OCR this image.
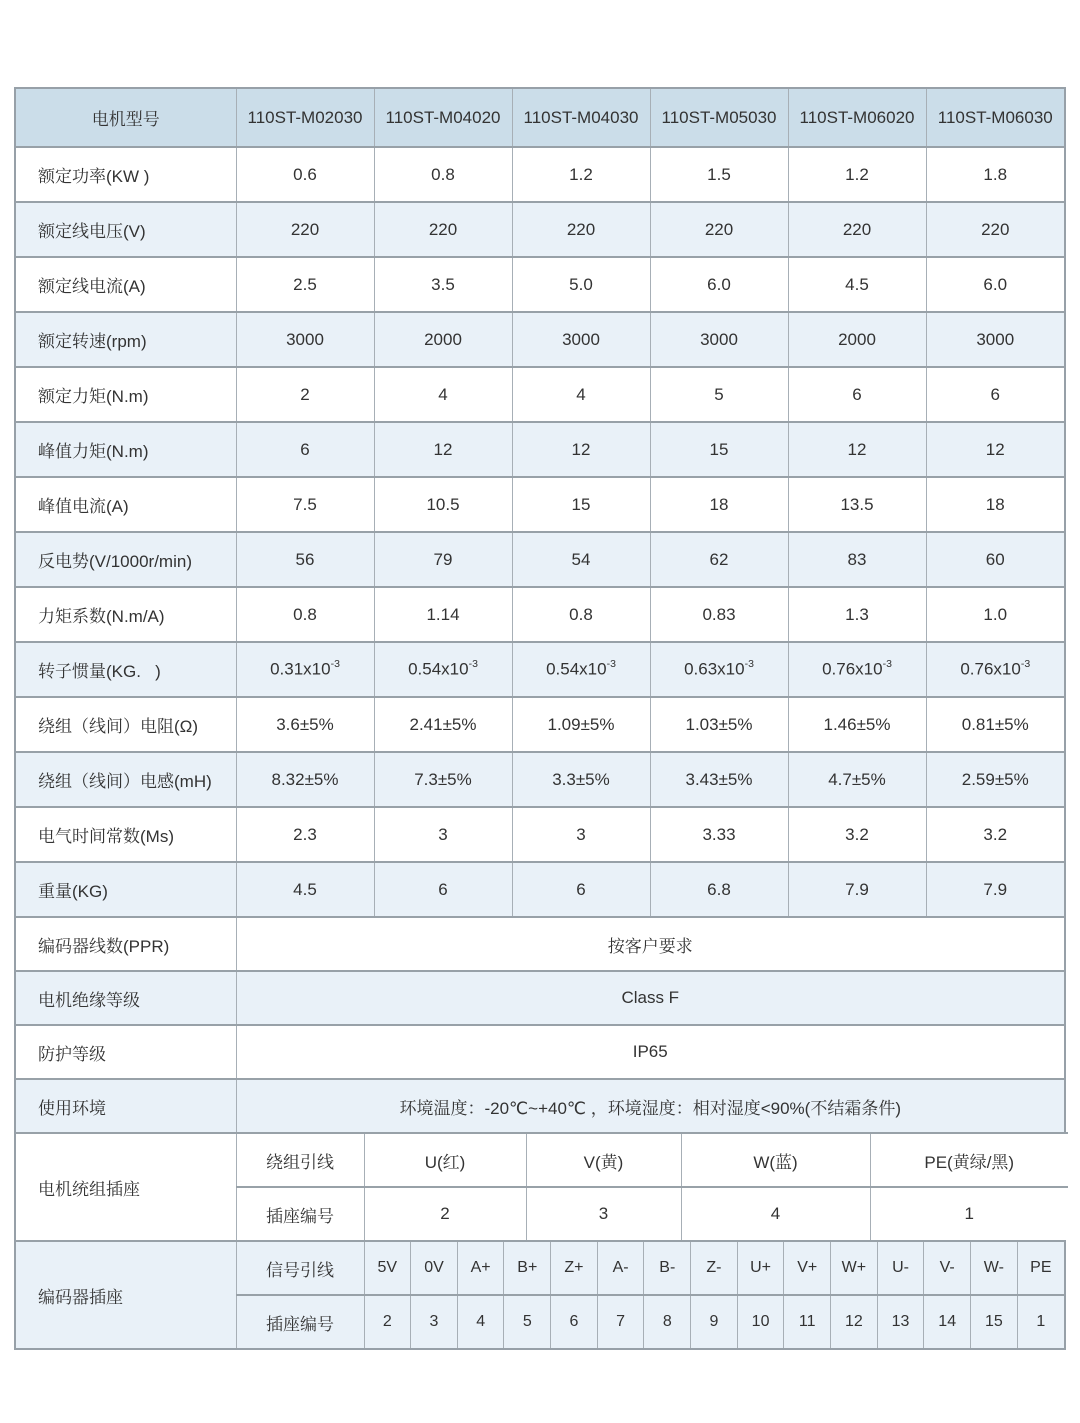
电机型号	110ST-M02030	110ST-M04020	110ST-M04030	110ST-M05030	110ST-M06020	110ST-M06030
额定功率(KW )	0.6	0.8	1.2	1.5	1.2	1.8
额定线电压(V)	220	220	220	220	220	220
额定线电流(A)	2.5	3.5	5.0	6.0	4.5	6.0
额定转速(rpm)	3000	2000	3000	3000	2000	3000
额定力矩(N.m)	2	4	4	5	6	6
峰值力矩(N.m)	6	12	12	15	12	12
峰值电流(A)	7.5	10.5	15	18	13.5	18
反电势(V/1000r/min)	56	79	54	62	83	60
力矩系数(N.m/A)	0.8	1.14	0.8	0.83	1.3	1.0
转子惯量(KG.   )	$0.31x10^{-3}$	$0.54x10^{-3}$	$0.54x10^{-3}$	$0.63x10^{-3}$	$0.76x10^{-3}$	$0.76x10^{-3}$
绕组（线间）电阻(Ω)	3.6±5%	2.41±5%	1.09±5%	1.03±5%	1.46±5%	0.81±5%
绕组（线间）电感(mH)	8.32±5%	7.3±5%	3.3±5%	3.43±5%	4.7±5%	2.59±5%
电气时间常数(Ms)	2.3	3	3	3.33	3.2	3.2
重量(KG)	4.5	6	6	6.8	7.9	7.9
编码器线数(PPR)	按客户要求					
电机绝缘等级	Class F					
防护等级	IP65					
使用环境	环境温度：-20℃~+40℃ ，环境湿度：相对湿度<90%(不结霜条件)					
电机统组插座	绕组引线	U(红)	V(黄)	W(蓝)	PE(黄绿/黑)
	插座编号	2	3	4	1
编码器插座	信号引线	5V	0V	A+	B+	Z+	A-	B-	Z-	U+	V+	W+	U-	V-	W-	PE
	插座编号	2	3	4	5	6	7	8	9	10	11	12	13	14	15	1
